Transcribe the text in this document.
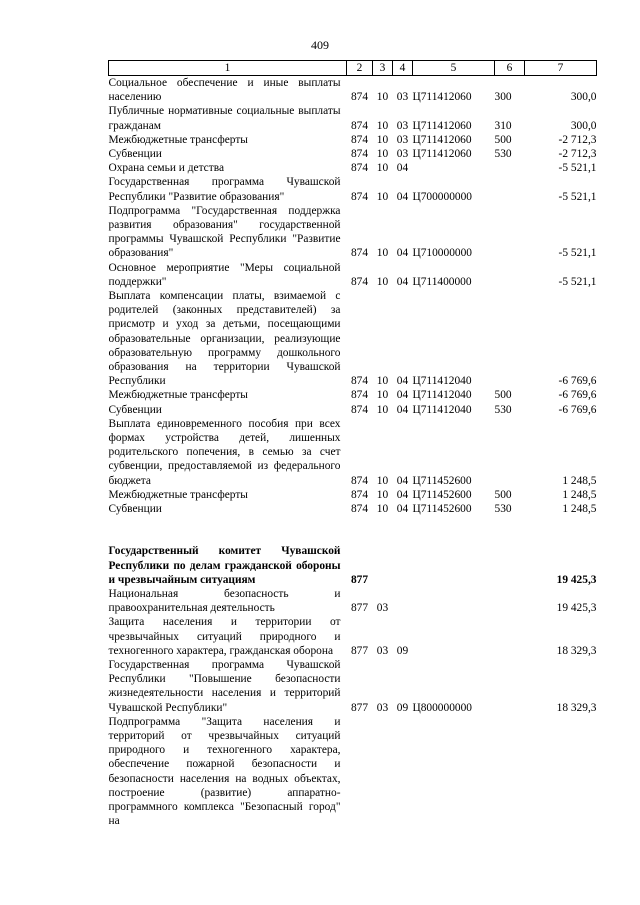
409
1	2	3	4	5	6	7
Социальное обеспечение и иные выплаты населению	874	10	03	Ц711412060	300	300,0
Публичные нормативные социальные выплаты гражданам	874	10	03	Ц711412060	310	300,0
Межбюджетные трансферты	874	10	03	Ц711412060	500	-2 712,3
Субвенции	874	10	03	Ц711412060	530	-2 712,3
Охрана семьи и детства	874	10	04			-5 521,1
Государственная программа Чувашской Республики "Развитие образования"	874	10	04	Ц700000000		-5 521,1
Подпрограмма "Государственная поддержка развития образования" государственной программы Чувашской Республики "Развитие образования"	874	10	04	Ц710000000		-5 521,1
Основное мероприятие "Меры социальной поддержки"	874	10	04	Ц711400000		-5 521,1
Выплата компенсации платы, взимаемой с родителей (законных представителей) за присмотр и уход за детьми, посещающими образовательные организации, реализующие образовательную программу дошкольного образования на территории Чувашской Республики	874	10	04	Ц711412040		-6 769,6
Межбюджетные трансферты	874	10	04	Ц711412040	500	-6 769,6
Субвенции	874	10	04	Ц711412040	530	-6 769,6
Выплата единовременного пособия при всех формах устройства детей, лишенных родительского попечения, в семью за счет субвенции, предоставляемой из федерального бюджета	874	10	04	Ц711452600		1 248,5
Межбюджетные трансферты	874	10	04	Ц711452600	500	1 248,5
Субвенции	874	10	04	Ц711452600	530	1 248,5

Государственный комитет Чувашской Республики по делам гражданской обороны и чрезвычайным ситуациям	877					19 425,3
Национальная безопасность и правоохранительная деятельность	877	03				19 425,3
Защита населения и территории от чрезвычайных ситуаций природного и техногенного характера, гражданская оборона	877	03	09			18 329,3
Государственная программа Чувашской Республики "Повышение безопасности жизнедеятельности населения и территорий Чувашской Республики"	877	03	09	Ц800000000		18 329,3
Подпрограмма "Защита населения и территорий от чрезвычайных ситуаций природного и техногенного характера, обеспечение пожарной безопасности и безопасности населения на водных объектах, построение (развитие) аппаратно-программного комплекса "Безопасный город" на						
